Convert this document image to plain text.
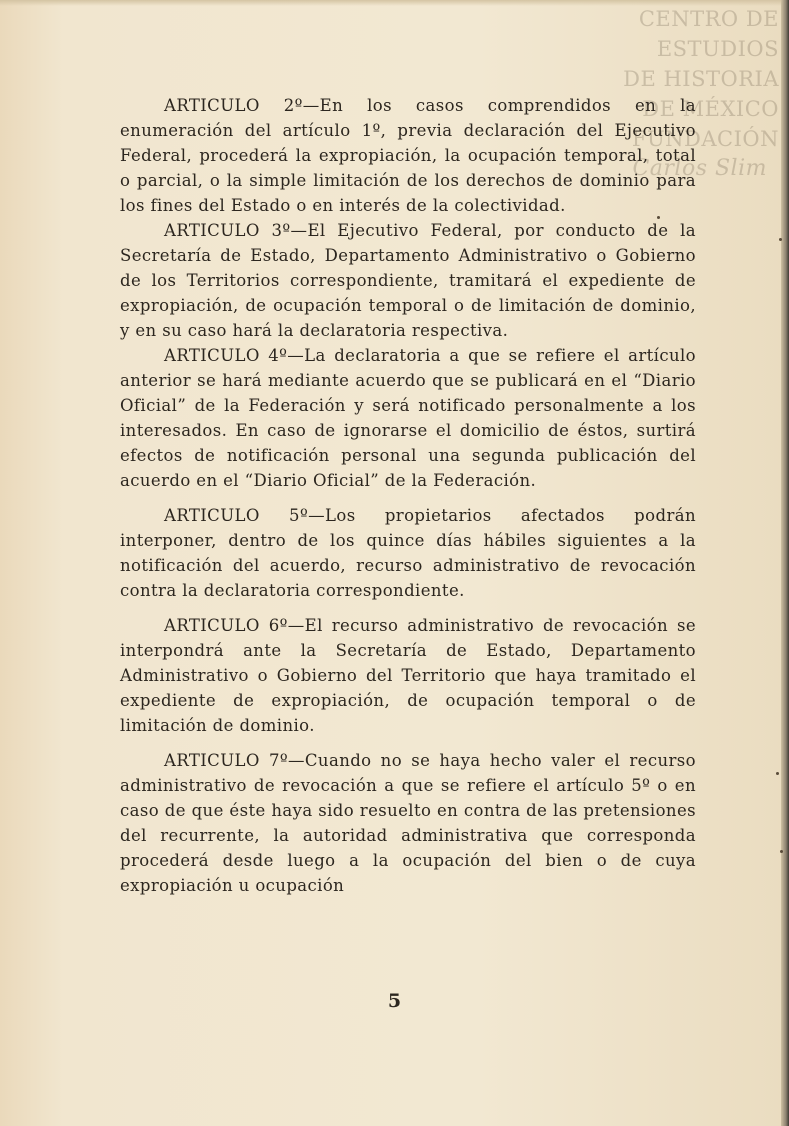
CENTRO DE
ESTUDIOS
DE HISTORIA
DE MÉXICO
FUNDACIÓN
Carlos Slim

ARTICULO 2º—En los casos comprendidos en la enumeración del artículo 1º, previa declaración del Ejecutivo Federal, procederá la expropiación, la ocupación temporal, total o parcial, o la simple limitación de los derechos de dominio para los fines del Estado o en interés de la colectividad.

ARTICULO 3º—El Ejecutivo Federal, por conducto de la Secretaría de Estado, Departamento Administrativo o Gobierno de los Territorios correspondiente, tramitará el expediente de expropiación, de ocupación temporal o de limitación de dominio, y en su caso hará la declaratoria respectiva.

ARTICULO 4º—La declaratoria a que se refiere el artículo anterior se hará mediante acuerdo que se publicará en el “Diario Oficial” de la Federación y será notificado personalmente a los interesados. En caso de ignorarse el domicilio de éstos, surtirá efectos de notificación personal una segunda publicación del acuerdo en el “Diario Oficial” de la Federación.

ARTICULO 5º—Los propietarios afectados podrán interponer, dentro de los quince días hábiles siguientes a la notificación del acuerdo, recurso administrativo de revocación contra la declaratoria correspondiente.

ARTICULO 6º—El recurso administrativo de revocación se interpondrá ante la Secretaría de Estado, Departamento Administrativo o Gobierno del Territorio que haya tramitado el expediente de expropiación, de ocupación temporal o de limitación de dominio.

ARTICULO 7º—Cuando no se haya hecho valer el recurso administrativo de revocación a que se refiere el artículo 5º o en caso de que éste haya sido resuelto en contra de las pretensiones del recurrente, la autoridad administrativa que corresponda procederá desde luego a la ocupación del bien o de cuya expropiación u ocupación

5
